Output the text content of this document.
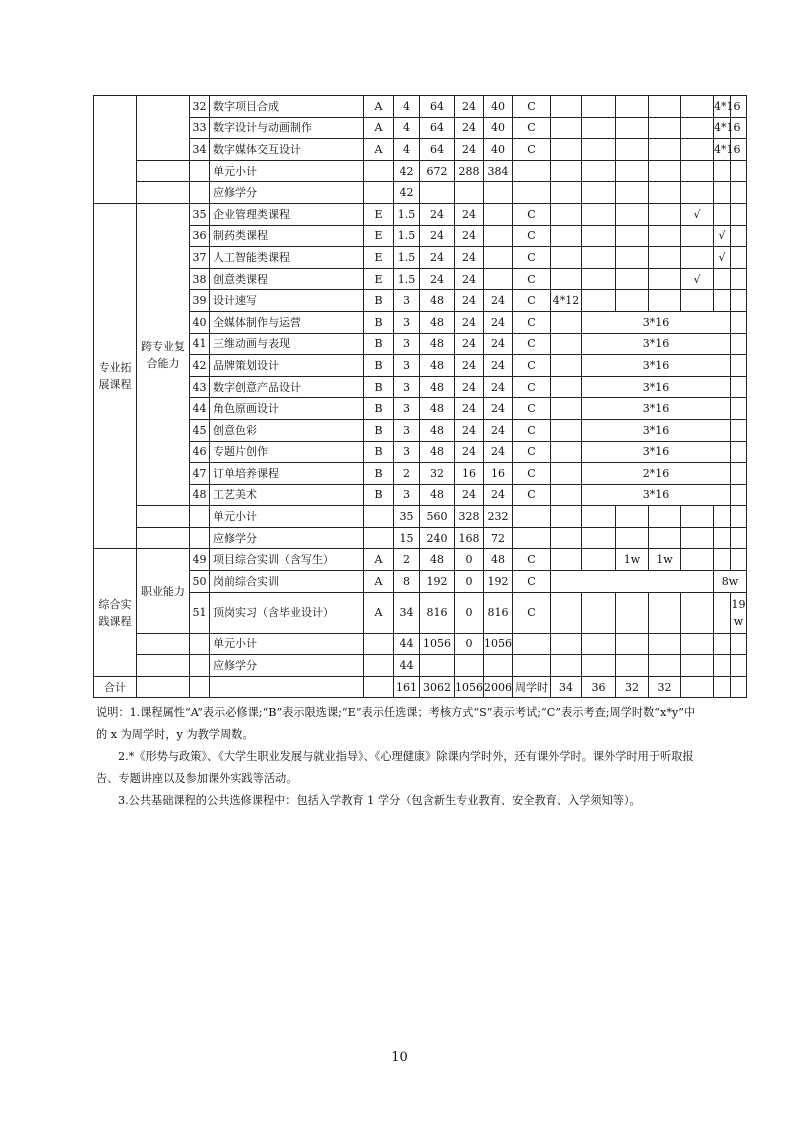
		32	数字项目合成	A	4	64	24	40	C						4*16		
		33	数字设计与动画制作	A	4	64	24	40	C						4*16		
		34	数字媒体交互设计	A	4	64	24	40	C						4*16		
			单元小计		42	672	288	384									
			应修学分		42												
专业拓展课程	跨专业复合能力	35	企业管理类课程	E	1.5	24	24		C					√			
		36	制药类课程	E	1.5	24	24		C						√		
		37	人工智能类课程	E	1.5	24	24		C						√		
		38	创意类课程	E	1.5	24	24		C					√			
		39	设计速写	B	3	48	24	24	C	4*12							
		40	全媒体制作与运营	B	3	48	24	24	C		3*16						
		41	三维动画与表现	B	3	48	24	24	C		3*16						
		42	品牌策划设计	B	3	48	24	24	C		3*16						
		43	数字创意产品设计	B	3	48	24	24	C		3*16						
		44	角色原画设计	B	3	48	24	24	C		3*16						
		45	创意色彩	B	3	48	24	24	C		3*16						
		46	专题片创作	B	3	48	24	24	C		3*16						
		47	订单培养课程	B	2	32	16	16	C		2*16						
		48	工艺美术	B	3	48	24	24	C		3*16						
			单元小计		35	560	328	232									
			应修学分		15	240	168	72									
综合实践课程	职业能力	49	项目综合实训（含写生）	A	2	48	0	48	C			1w	1w				
		50	岗前综合实训	A	8	192	0	192	C						8w		
		51	顶岗实习（含毕业设计）	A	34	816	0	816	C							19 w	
			单元小计		44	1056	0	1056									
			应修学分		44												
合计					161	3062	1056	2006	周学时	34	36	32	32				

说明：1.课程属性“A”表示必修课;“B”表示限选课;“E”表示任选课；考核方式“S”表示考试;“C”表示考查;周学时数“x*y”中的 x 为周学时，y 为教学周数。

2.*《形势与政策》、《大学生职业发展与就业指导》、《心理健康》除课内学时外，还有课外学时。课外学时用于听取报告、专题讲座以及参加课外实践等活动。

3.公共基础课程的公共选修课程中：包括入学教育 1 学分（包含新生专业教育、安全教育、入学须知等）。

10
